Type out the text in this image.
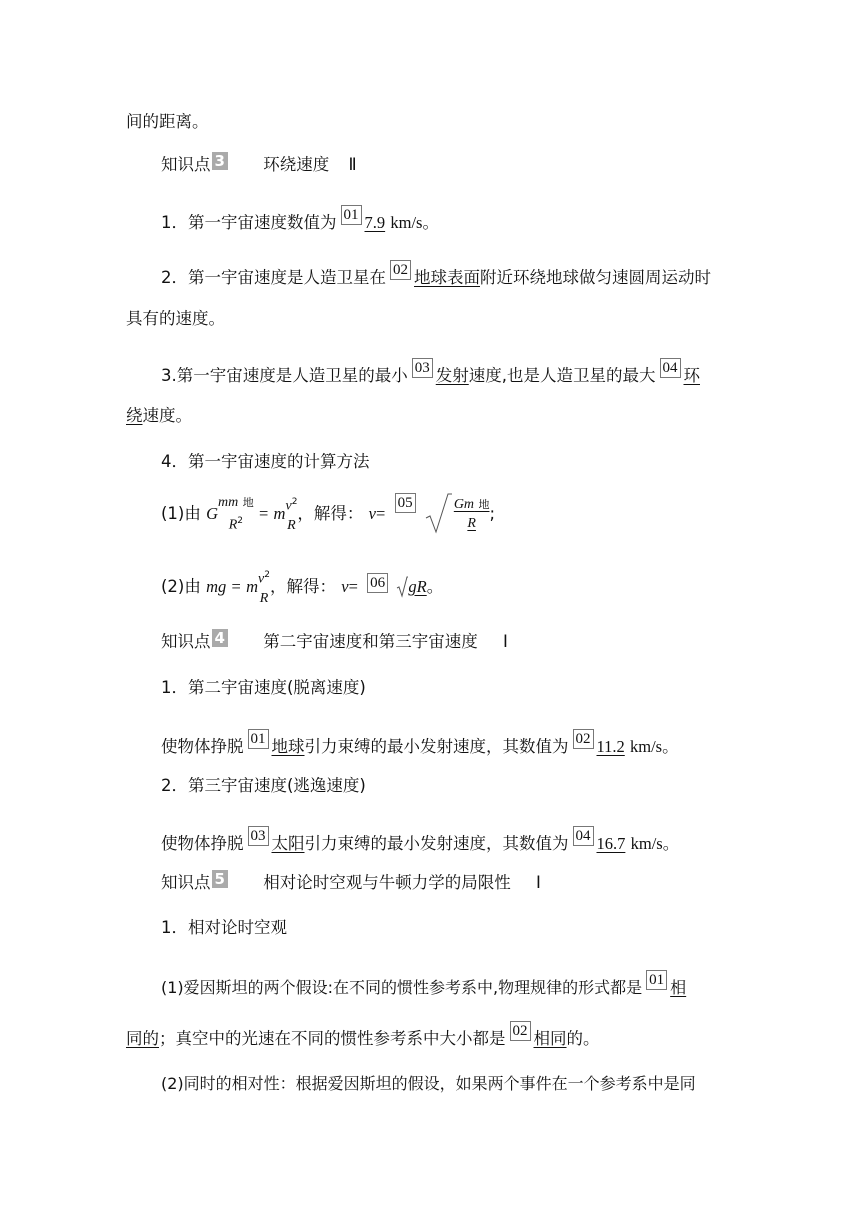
间的距离。
知识点 3 环绕速度 Ⅱ
1．第一宇宙速度数值为 01 7.9 km/s。
2．第一宇宙速度是人造卫星在 02 地球表面附近环绕地球做匀速圆周运动时
具有的速度。
3.第一宇宙速度是人造卫星的最小 03 发射速度,也是人造卫星的最大 04 环
绕速度。
4．第一宇宙速度的计算方法
(1)由 G
mm 地
$R^2 = m$ $v^2$
R
，解得： v= 05	$\frac{\text{Gm 地}}{R}$ ;
(2)由 mg = m $v^2$
R
，解得： v= 06 gR。
知识点 4 第二宇宙速度和第三宇宙速度 Ⅰ
1．第二宇宙速度(脱离速度)
使物体挣脱 01 地球引力束缚的最小发射速度，其数值为 02 11.2 km/s。
2．第三宇宙速度(逃逸速度)
使物体挣脱 03 太阳引力束缚的最小发射速度，其数值为 04 16.7 km/s。
知识点 5 相对论时空观与牛顿力学的局限性 Ⅰ
1．相对论时空观
(1)爱因斯坦的两个假设:在不同的惯性参考系中,物理规律的形式都是 01 相
同的；真空中的光速在不同的惯性参考系中大小都是 02 相同的。
(2)同时的相对性：根据爱因斯坦的假设，如果两个事件在一个参考系中是同
